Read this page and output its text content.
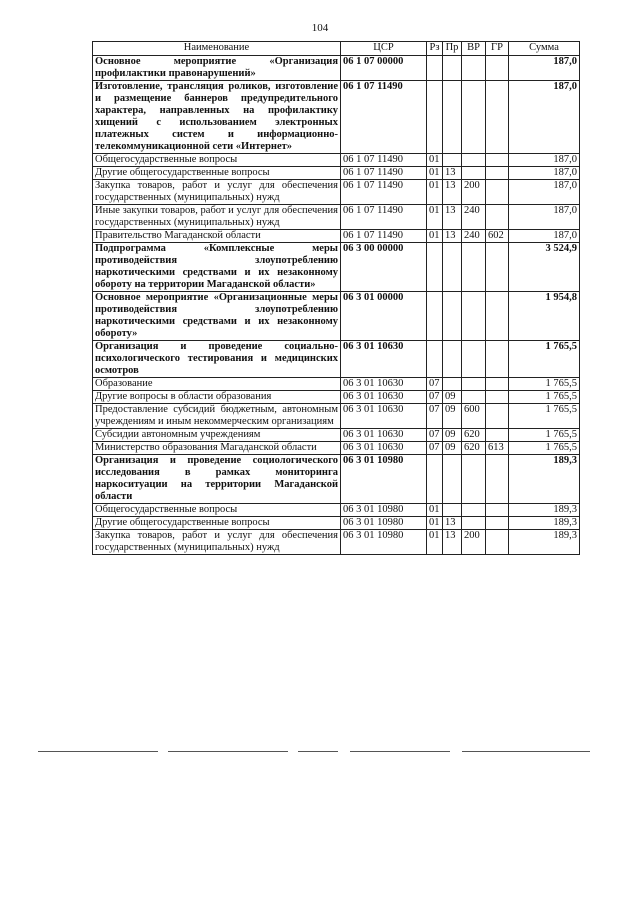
104
Наименование	ЦСР	Рз	Пр	ВР	ГР	Сумма
Основное мероприятие «Организация профилактики правонарушений»	06 1 07 00000					187,0
Изготовление, трансляция роликов, изготовление и размещение баннеров предупредительного характера, направленных на профилактику хищений с использованием электронных платежных систем и информационно-телекоммуникационной сети «Интернет»	06 1 07 11490					187,0
Общегосударственные вопросы	06 1 07 11490	01				187,0
Другие общегосударственные вопросы	06 1 07 11490	01	13			187,0
Закупка товаров, работ и услуг для обеспечения государственных (муниципальных) нужд	06 1 07 11490	01	13	200		187,0
Иные закупки товаров, работ и услуг для обеспечения государственных (муниципальных) нужд	06 1 07 11490	01	13	240		187,0
Правительство Магаданской области	06 1 07 11490	01	13	240	602	187,0
Подпрограмма «Комплексные меры противодействия злоупотреблению наркотическими средствами и их незаконному обороту на территории Магаданской области»	06 3 00 00000					3 524,9
Основное мероприятие «Организационные меры противодействия злоупотреблению наркотическими средствами и их незаконному обороту»	06 3 01 00000					1 954,8
Организация и проведение социально-психологического тестирования и медицинских осмотров	06 3 01 10630					1 765,5
Образование	06 3 01 10630	07				1 765,5
Другие вопросы в области образования	06 3 01 10630	07	09			1 765,5
Предоставление субсидий бюджетным, автономным учреждениям и иным некоммерческим организациям	06 3 01 10630	07	09	600		1 765,5
Субсидии автономным учреждениям	06 3 01 10630	07	09	620		1 765,5
Министерство образования Магаданской области	06 3 01 10630	07	09	620	613	1 765,5
Организация и проведение социологического исследования в рамках мониторинга наркоситуации на территории Магаданской области	06 3 01 10980					189,3
Общегосударственные вопросы	06 3 01 10980	01				189,3
Другие общегосударственные вопросы	06 3 01 10980	01	13			189,3
Закупка товаров, работ и услуг для обеспечения государственных (муниципальных) нужд	06 3 01 10980	01	13	200		189,3
